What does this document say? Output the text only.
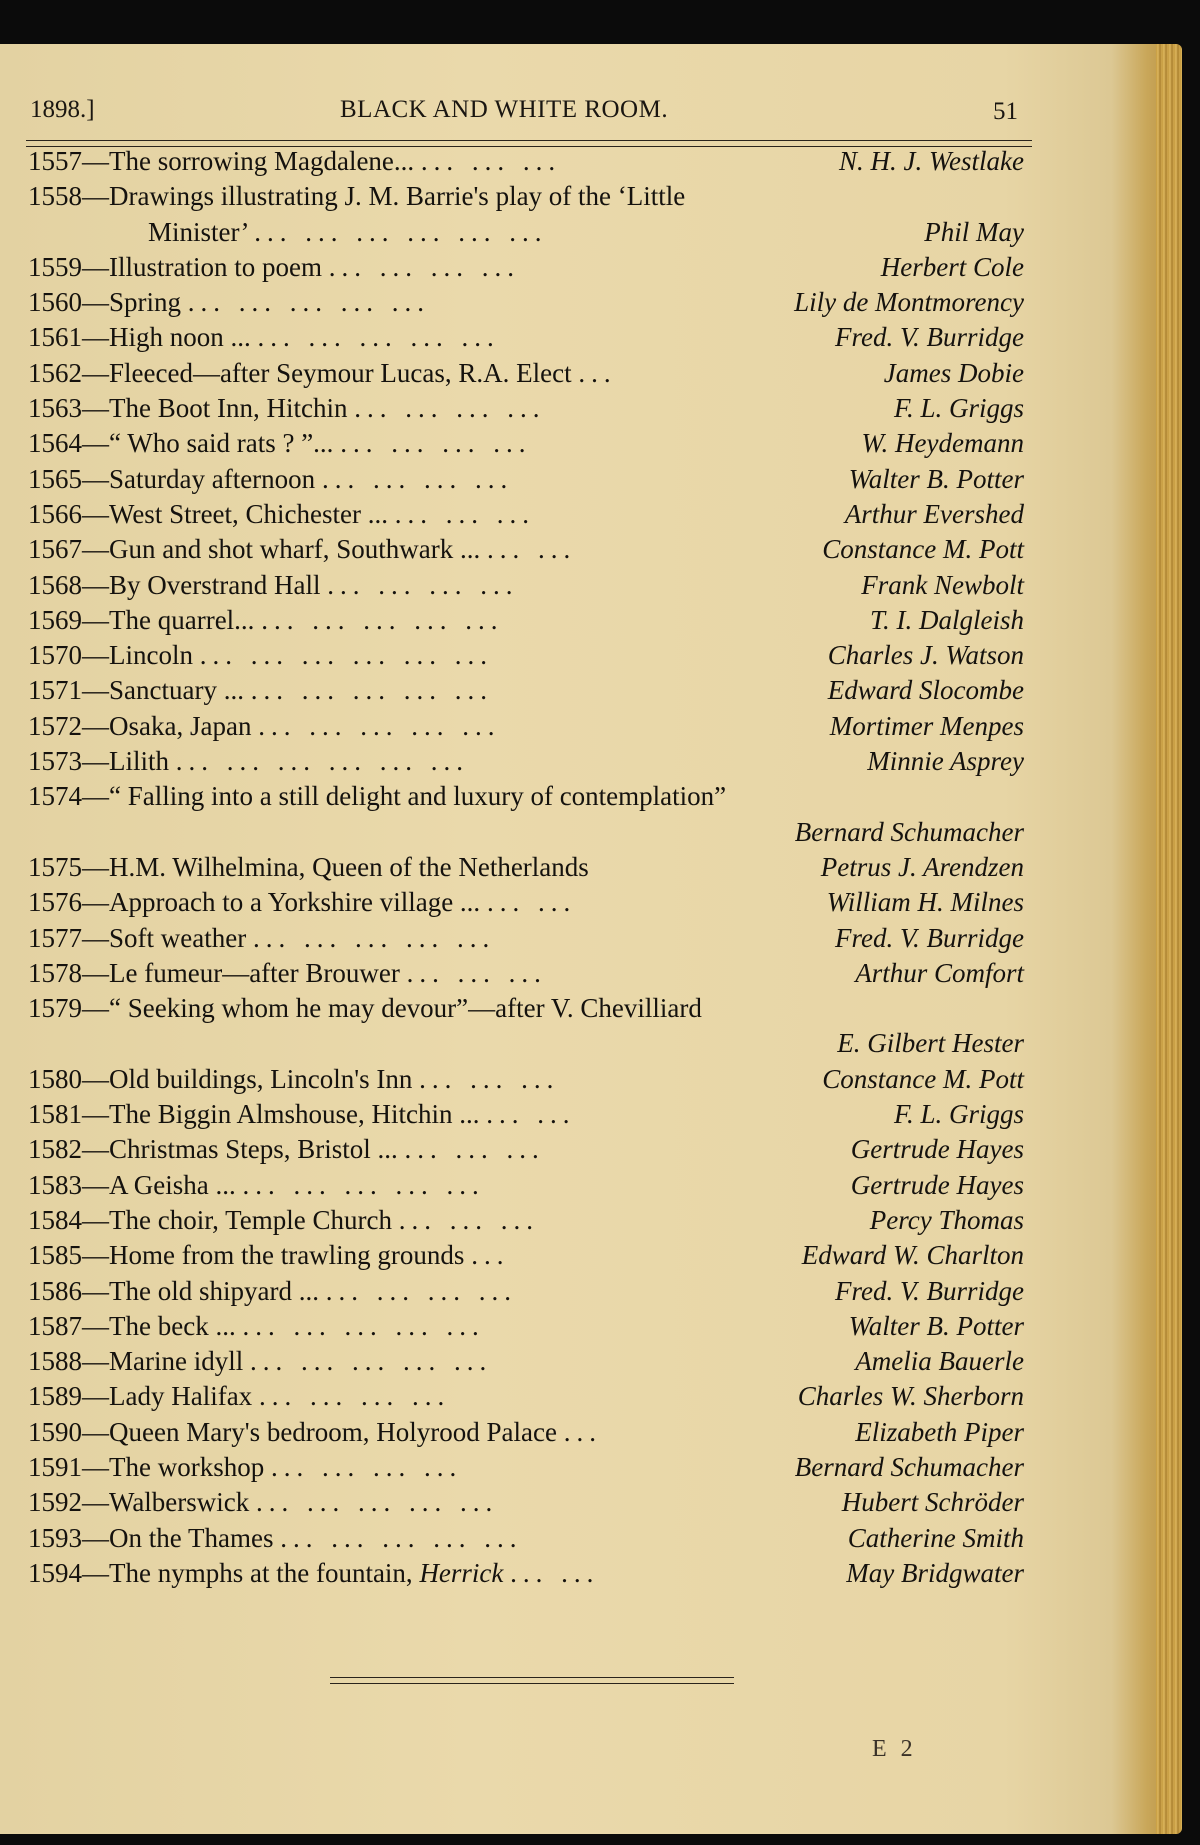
1898.]	BLACK AND WHITE ROOM.	51
1557—The sorrowing Magdalene... ... ... ...	N. H. J. Westlake
1558—Drawings illustrating J. M. Barrie's play of the ‘Little
Minister’ ... ... ... ... ... ...	Phil May
1559—Illustration to poem ... ... ... ...	Herbert Cole
1560—Spring ... ... ... ... ...	Lily de Montmorency
1561—High noon ... ... ... ... ... ...	Fred. V. Burridge
1562—Fleeced—after Seymour Lucas, R.A. Elect ...	James Dobie
1563—The Boot Inn, Hitchin ... ... ... ...	F. L. Griggs
1564—“ Who said rats ? ”... ... ... ... ...	W. Heydemann
1565—Saturday afternoon ... ... ... ...	Walter B. Potter
1566—West Street, Chichester ... ... ... ...	Arthur Evershed
1567—Gun and shot wharf, Southwark ... ... ...	Constance M. Pott
1568—By Overstrand Hall ... ... ... ...	Frank Newbolt
1569—The quarrel... ... ... ... ... ...	T. I. Dalgleish
1570—Lincoln ... ... ... ... ... ...	Charles J. Watson
1571—Sanctuary ... ... ... ... ... ...	Edward Slocombe
1572—Osaka, Japan ... ... ... ... ...	Mortimer Menpes
1573—Lilith ... ... ... ... ... ...	Minnie Asprey
1574—“ Falling into a still delight and luxury of contemplation”
Bernard Schumacher
1575—H.M. Wilhelmina, Queen of the Netherlands	Petrus J. Arendzen
1576—Approach to a Yorkshire village ... ... ...	William H. Milnes
1577—Soft weather ... ... ... ... ...	Fred. V. Burridge
1578—Le fumeur—after Brouwer ... ... ...	Arthur Comfort
1579—“ Seeking whom he may devour”—after V. Chevilliard
E. Gilbert Hester
1580—Old buildings, Lincoln's Inn ... ... ...	Constance M. Pott
1581—The Biggin Almshouse, Hitchin ... ... ...	F. L. Griggs
1582—Christmas Steps, Bristol ... ... ... ...	Gertrude Hayes
1583—A Geisha ... ... ... ... ... ...	Gertrude Hayes
1584—The choir, Temple Church ... ... ...	Percy Thomas
1585—Home from the trawling grounds ...	Edward W. Charlton
1586—The old shipyard ... ... ... ... ...	Fred. V. Burridge
1587—The beck ... ... ... ... ... ...	Walter B. Potter
1588—Marine idyll ... ... ... ... ...	Amelia Bauerle
1589—Lady Halifax ... ... ... ...	Charles W. Sherborn
1590—Queen Mary's bedroom, Holyrood Palace ...	Elizabeth Piper
1591—The workshop ... ... ... ...	Bernard Schumacher
1592—Walberswick ... ... ... ... ...	Hubert Schröder
1593—On the Thames ... ... ... ... ...	Catherine Smith
1594—The nymphs at the fountain, Herrick ... ...	May Bridgwater
E 2
